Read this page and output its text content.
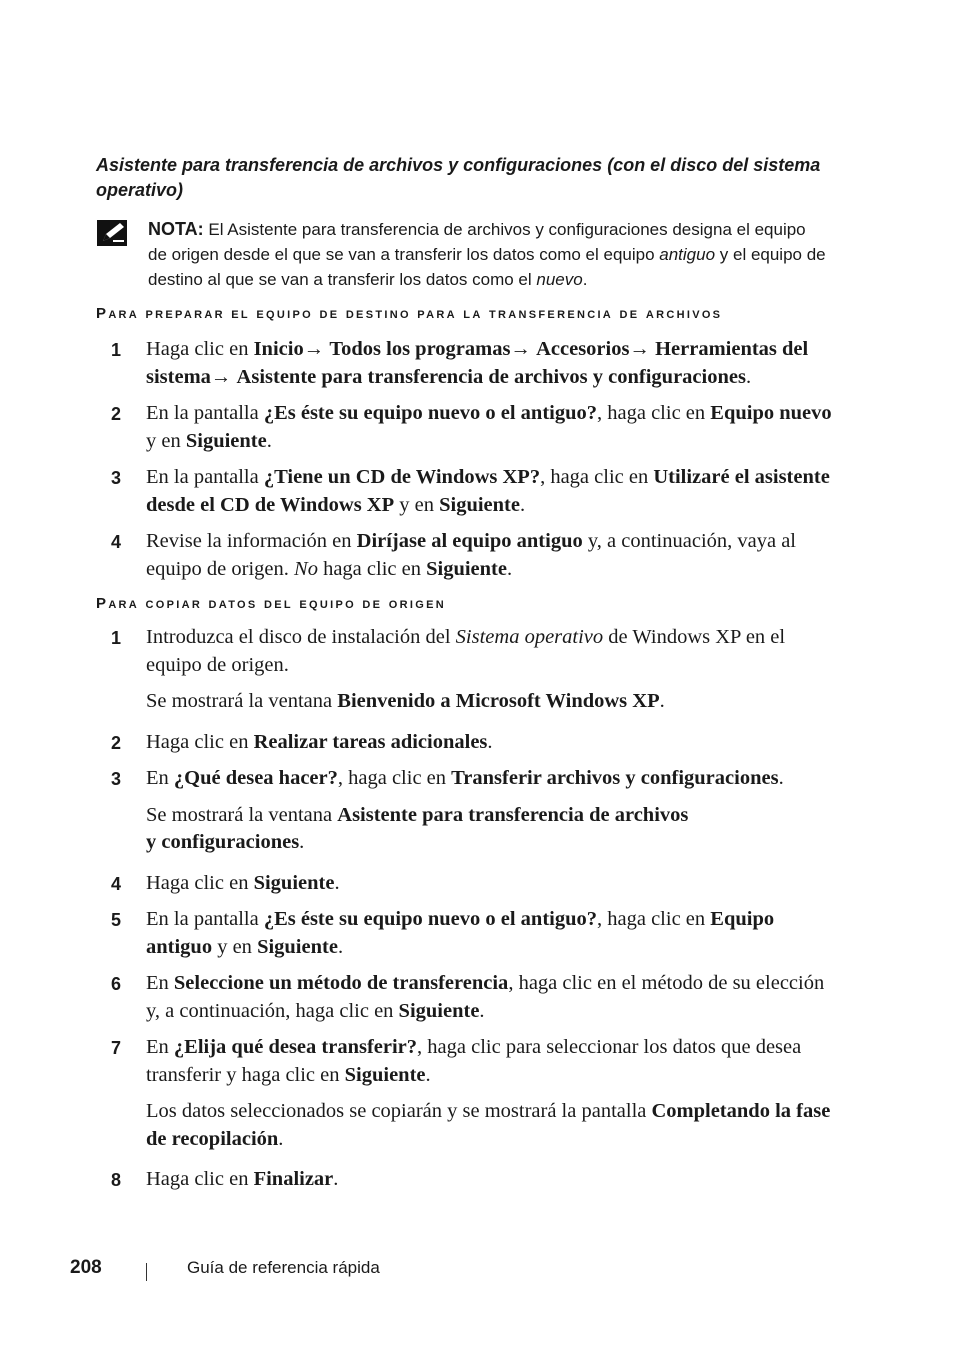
Asistente para transferencia de archivos y configuraciones (con el disco del sistema operativo)
NOTA: El Asistente para transferencia de archivos y configuraciones designa el equipo de origen desde el que se van a transferir los datos como el equipo antiguo y el equipo de destino al que se van a transferir los datos como el nuevo.
Para preparar el equipo de destino para la transferencia de archivos
1 Haga clic en Inicio→ Todos los programas→ Accesorios→ Herramientas del sistema→ Asistente para transferencia de archivos y configuraciones.
2 En la pantalla ¿Es éste su equipo nuevo o el antiguo?, haga clic en Equipo nuevo y en Siguiente.
3 En la pantalla ¿Tiene un CD de Windows XP?, haga clic en Utilizaré el asistente desde el CD de Windows XP y en Siguiente.
4 Revise la información en Diríjase al equipo antiguo y, a continuación, vaya al equipo de origen. No haga clic en Siguiente.
Para copiar datos del equipo de origen
1 Introduzca el disco de instalación del Sistema operativo de Windows XP en el equipo de origen.
Se mostrará la ventana Bienvenido a Microsoft Windows XP.
2 Haga clic en Realizar tareas adicionales.
3 En ¿Qué desea hacer?, haga clic en Transferir archivos y configuraciones.
Se mostrará la ventana Asistente para transferencia de archivos
y configuraciones.
4 Haga clic en Siguiente.
5 En la pantalla ¿Es éste su equipo nuevo o el antiguo?, haga clic en Equipo antiguo y en Siguiente.
6 En Seleccione un método de transferencia, haga clic en el método de su elección y, a continuación, haga clic en Siguiente.
7 En ¿Elija qué desea transferir?, haga clic para seleccionar los datos que desea transferir y haga clic en Siguiente.
Los datos seleccionados se copiarán y se mostrará la pantalla Completando la fase de recopilación.
8 Haga clic en Finalizar.
208	Guía de referencia rápida
